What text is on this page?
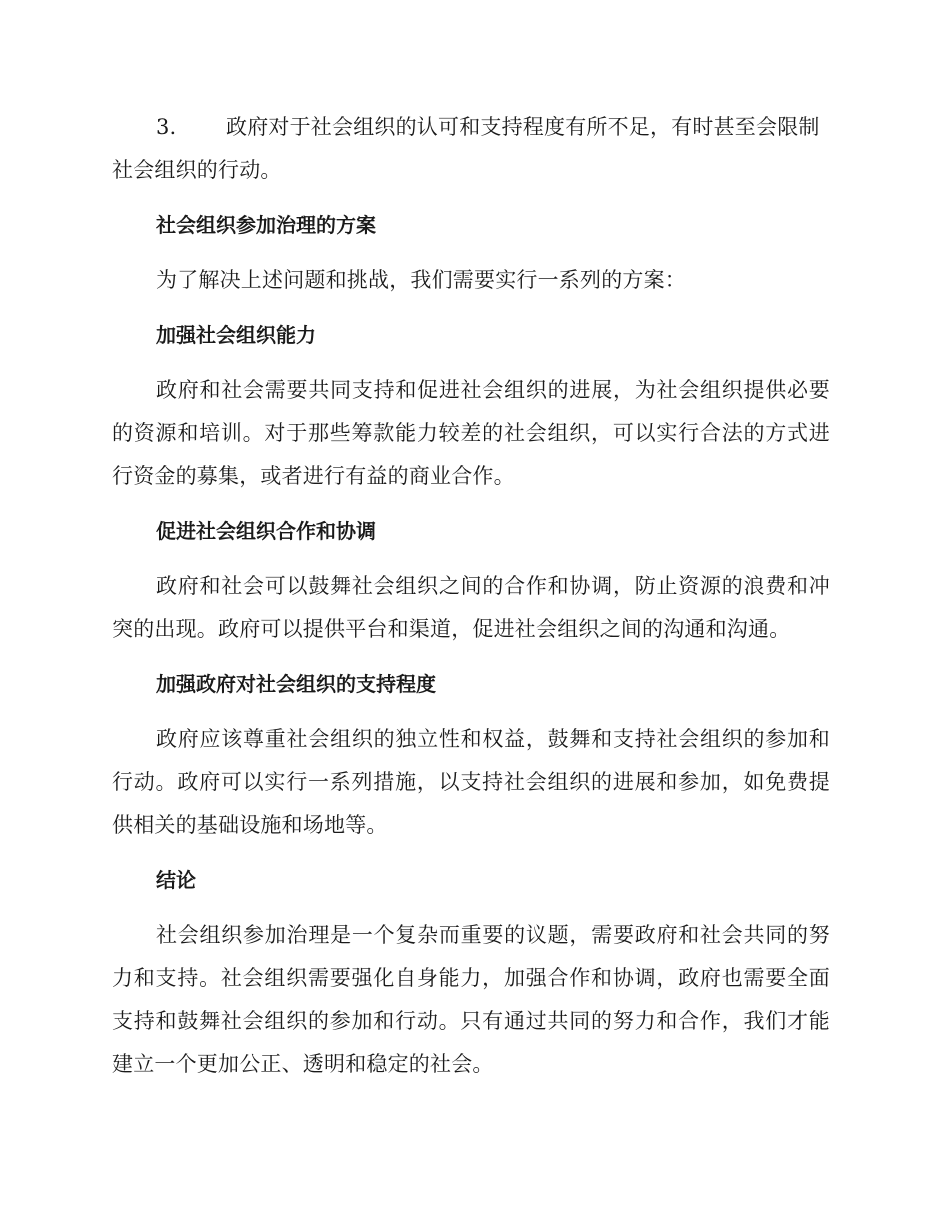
3. 政府对于社会组织的认可和支持程度有所不足，有时甚至会限制社会组织的行动。

社会组织参加治理的方案

为了解决上述问题和挑战，我们需要实行一系列的方案：

加强社会组织能力

政府和社会需要共同支持和促进社会组织的进展，为社会组织提供必要的资源和培训。对于那些筹款能力较差的社会组织，可以实行合法的方式进行资金的募集，或者进行有益的商业合作。

促进社会组织合作和协调

政府和社会可以鼓舞社会组织之间的合作和协调，防止资源的浪费和冲突的出现。政府可以提供平台和渠道，促进社会组织之间的沟通和沟通。

加强政府对社会组织的支持程度

政府应该尊重社会组织的独立性和权益，鼓舞和支持社会组织的参加和行动。政府可以实行一系列措施，以支持社会组织的进展和参加，如免费提供相关的基础设施和场地等。

结论

社会组织参加治理是一个复杂而重要的议题，需要政府和社会共同的努力和支持。社会组织需要强化自身能力，加强合作和协调，政府也需要全面支持和鼓舞社会组织的参加和行动。只有通过共同的努力和合作，我们才能建立一个更加公正、透明和稳定的社会。
